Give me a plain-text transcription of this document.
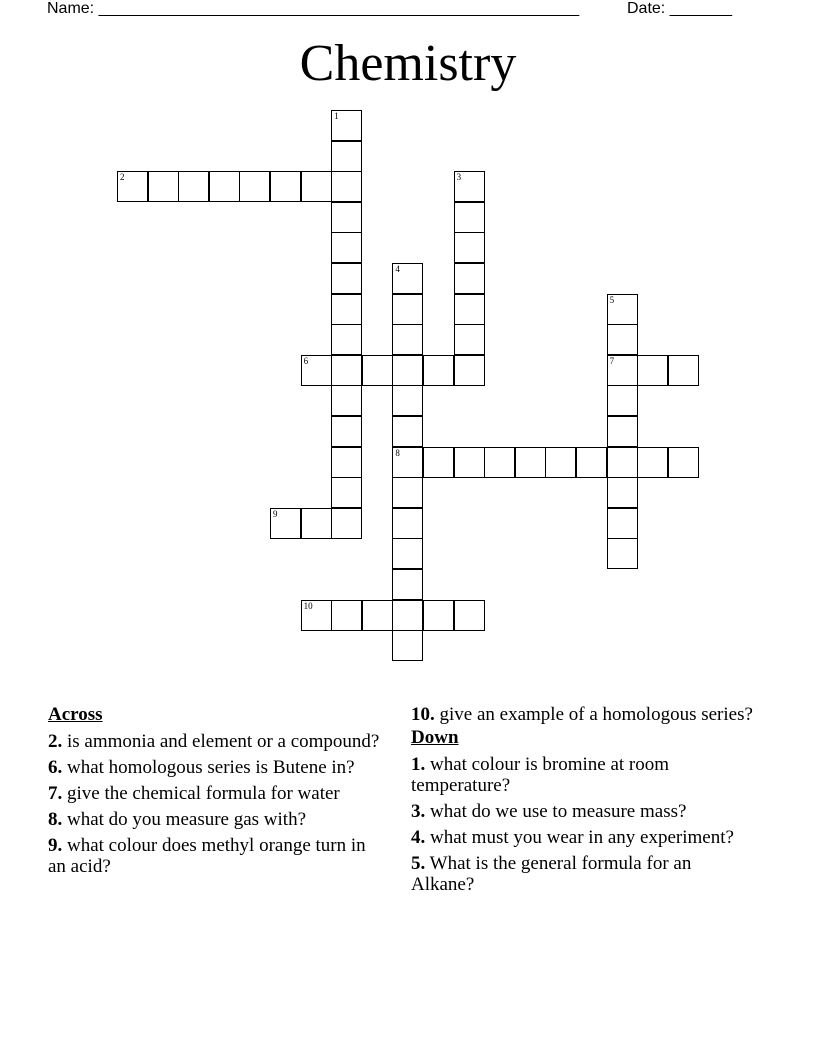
Name: ______________________________________________________	Date: _______
Chemistry
1
2	3
4
8
5
7
6
9
10
Across
2. is ammonia and element or a compound?
6. what homologous series is Butene in?
7. give the chemical formula for water
8. what do you measure gas with?
9. what colour does methyl orange turn in an acid?
10. give an example of a homologous series?
Down
1. what colour is bromine at room temperature?
3. what do we use to measure mass?
4. what must you wear in any experiment?
5. What is the general formula for an Alkane?
